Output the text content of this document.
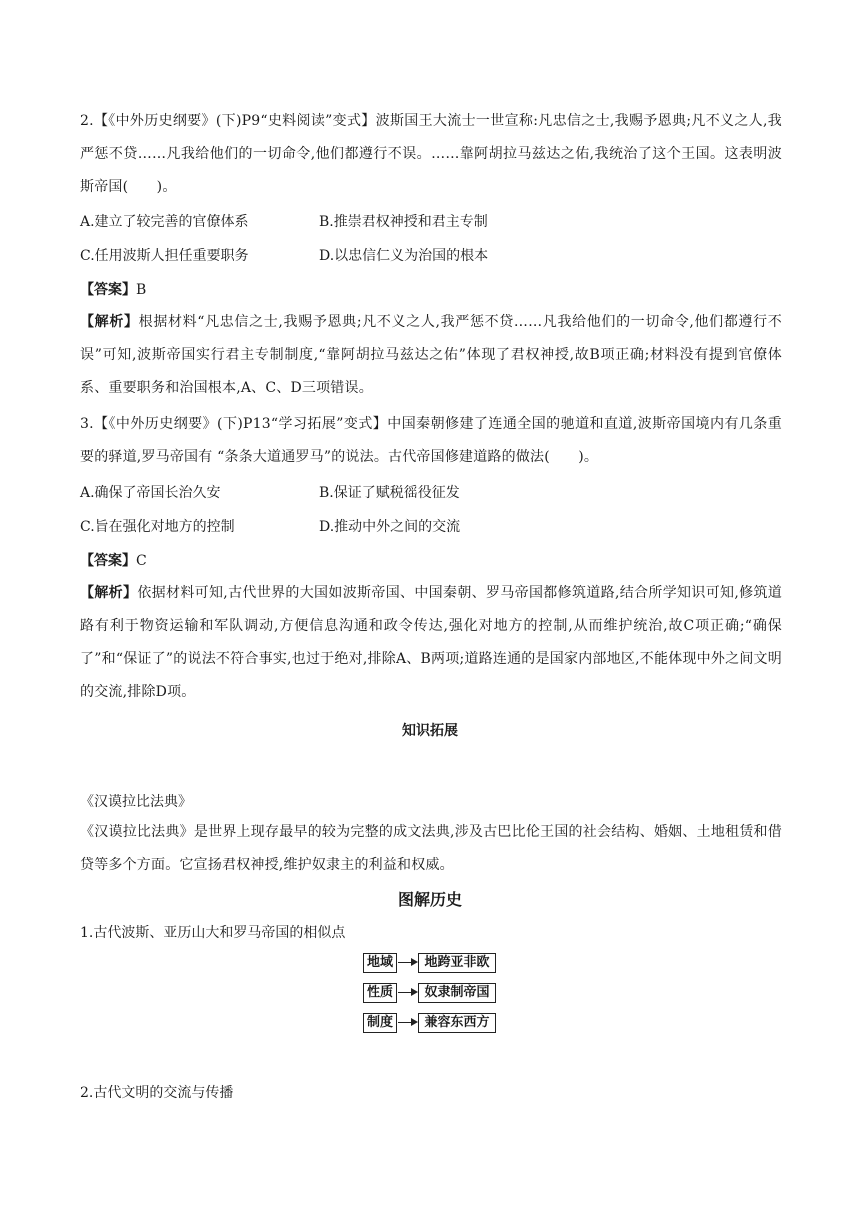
2.【《中外历史纲要》(下)P9“史料阅读”变式】波斯国王大流士一世宣称:凡忠信之士,我赐予恩典;凡不义之人,我严惩不贷……凡我给他们的一切命令,他们都遵行不误。……靠阿胡拉马兹达之佑,我统治了这个王国。这表明波斯帝国(　　)。

A.建立了较完善的官僚体系	B.推崇君权神授和君主专制
C.任用波斯人担任重要职务	D.以忠信仁义为治国的根本
【答案】B

【解析】根据材料“凡忠信之士,我赐予恩典;凡不义之人,我严惩不贷……凡我给他们的一切命令,他们都遵行不误”可知,波斯帝国实行君主专制制度,“靠阿胡拉马兹达之佑”体现了君权神授,故B项正确;材料没有提到官僚体系、重要职务和治国根本,A、C、D三项错误。

3.【《中外历史纲要》(下)P13“学习拓展”变式】中国秦朝修建了连通全国的驰道和直道,波斯帝国境内有几条重要的驿道,罗马帝国有 “条条大道通罗马”的说法。古代帝国修建道路的做法(　　)。

A.确保了帝国长治久安	B.保证了赋税徭役征发
C.旨在强化对地方的控制	D.推动中外之间的交流
【答案】C

【解析】依据材料可知,古代世界的大国如波斯帝国、中国秦朝、罗马帝国都修筑道路,结合所学知识可知,修筑道路有利于物资运输和军队调动,方便信息沟通和政令传达,强化对地方的控制,从而维护统治,故C项正确;“确保了”和“保证了”的说法不符合事实,也过于绝对,排除A、B两项;道路连通的是国家内部地区,不能体现中外之间文明的交流,排除D项。

知识拓展
《汉谟拉比法典》

《汉谟拉比法典》是世界上现存最早的较为完整的成文法典,涉及古巴比伦王国的社会结构、婚姻、土地租赁和借贷等多个方面。它宣扬君权神授,维护奴隶主的利益和权威。

图解历史
1.古代波斯、亚历山大和罗马帝国的相似点
地域	地跨亚非欧
性质	奴隶制帝国
制度	兼容东西方
2.古代文明的交流与传播
